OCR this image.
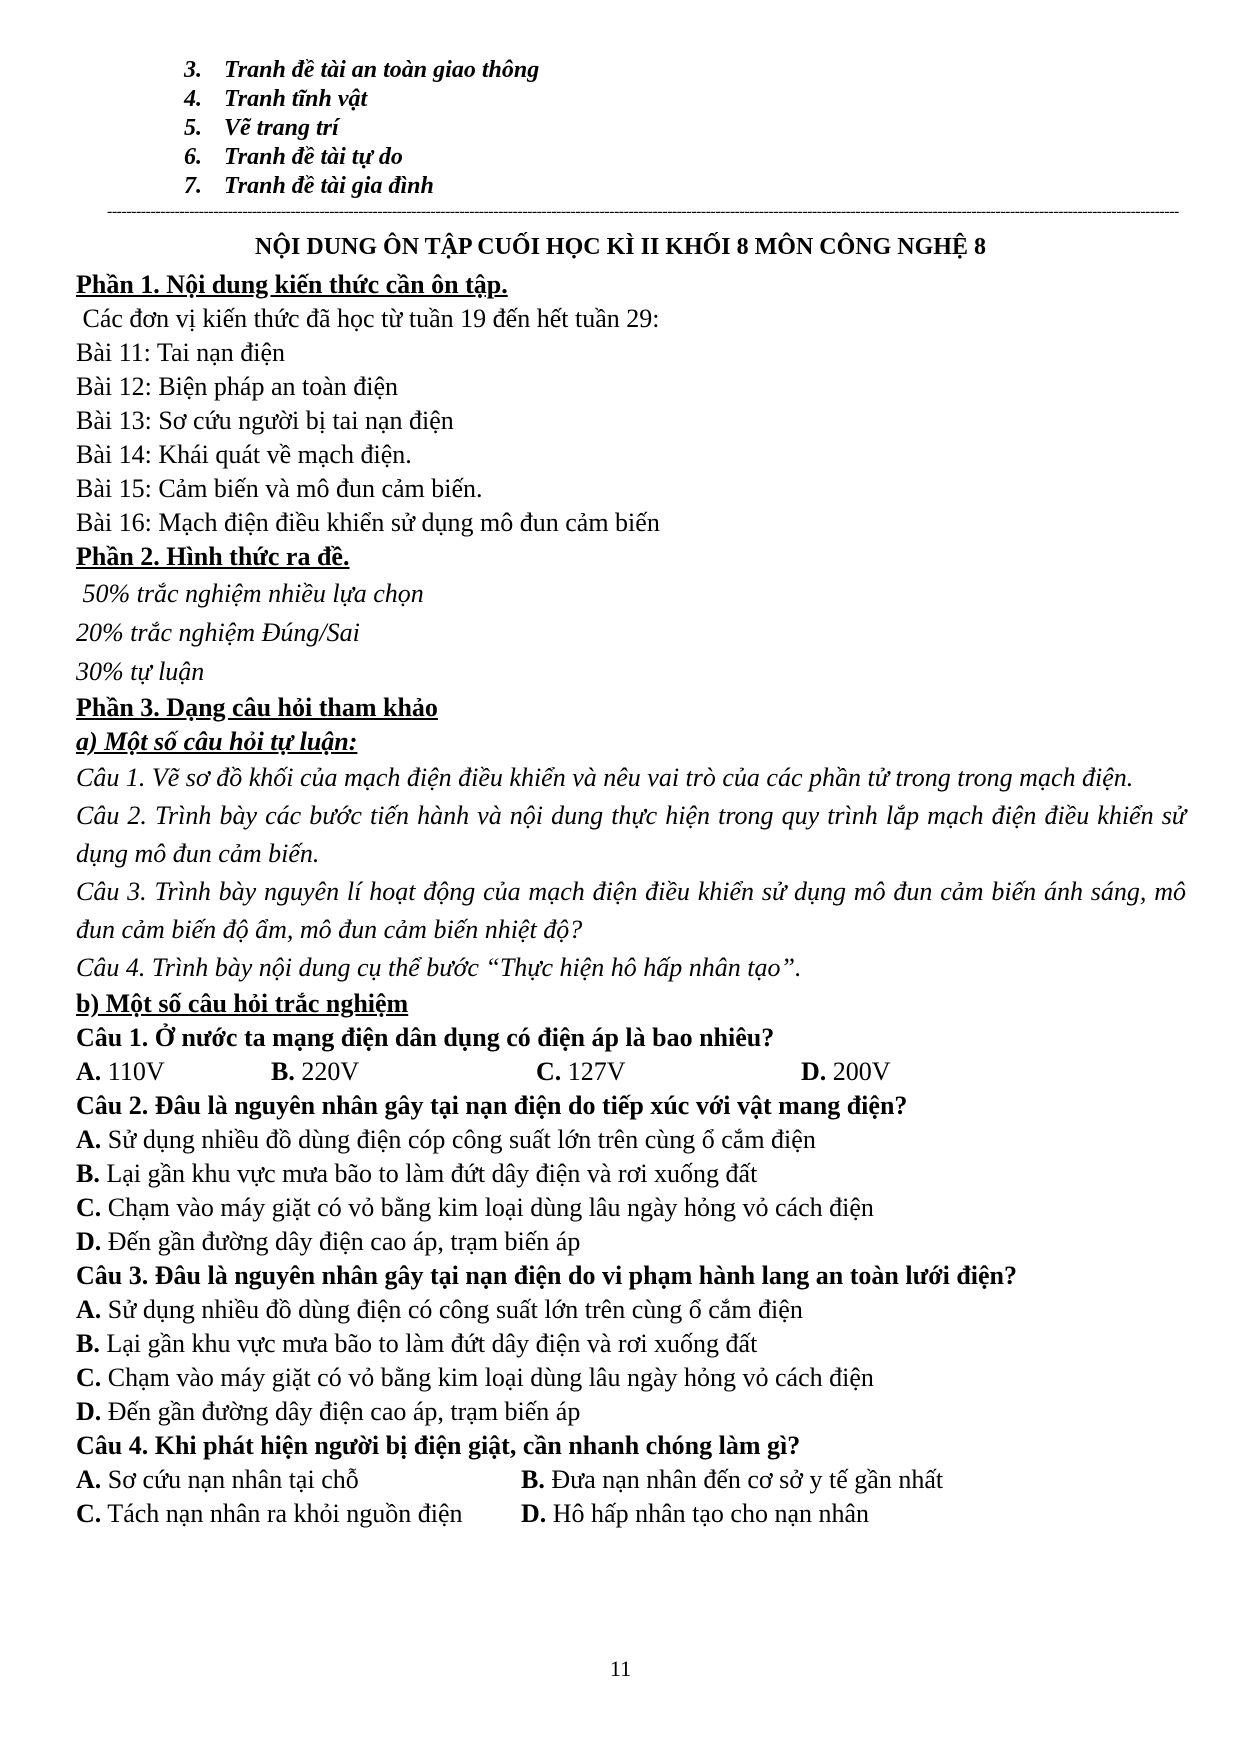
3. Tranh đề tài an toàn giao thông
4. Tranh tĩnh vật
5. Vẽ trang trí
6. Tranh đề tài tự do
7. Tranh đề tài gia đình
------------------------------------------------------------------------------------------------------------------------------------------------------------------------------------------------------------------------------
NỘI DUNG ÔN TẬP CUỐI HỌC KÌ II KHỐI 8 MÔN CÔNG NGHỆ 8
Phần 1. Nội dung kiến thức cần ôn tập.
Các đơn vị kiến thức đã học từ tuần 19 đến hết tuần 29:
Bài 11: Tai nạn điện
Bài 12: Biện pháp an toàn điện
Bài 13: Sơ cứu người bị tai nạn điện
Bài 14: Khái quát về mạch điện.
Bài 15: Cảm biến và mô đun cảm biến.
Bài 16: Mạch điện điều khiển sử dụng mô đun cảm biến
Phần 2. Hình thức ra đề.
50% trắc nghiệm nhiều lựa chọn
20% trắc nghiệm Đúng/Sai
30% tự luận
Phần 3. Dạng câu hỏi tham khảo
a) Một số câu hỏi tự luận:
Câu 1. Vẽ sơ đồ khối của mạch điện điều khiển và nêu vai trò của các phần tử trong trong mạch điện.
Câu 2. Trình bày các bước tiến hành và nội dung thực hiện trong quy trình lắp mạch điện điều khiển sử dụng mô đun cảm biến.
Câu 3. Trình bày nguyên lí hoạt động của mạch điện điều khiển sử dụng mô đun cảm biến ánh sáng, mô đun cảm biến độ ẩm, mô đun cảm biến nhiệt độ?
Câu 4. Trình bày nội dung cụ thể bước “Thực hiện hô hấp nhân tạo”.
b) Một số câu hỏi trắc nghiệm
Câu 1. Ở nước ta mạng điện dân dụng có điện áp là bao nhiêu?
A. 110V	B. 220V	C. 127V	D. 200V
Câu 2. Đâu là nguyên nhân gây tại nạn điện do tiếp xúc với vật mang điện?
A. Sử dụng nhiều đồ dùng điện cóp công suất lớn trên cùng ổ cắm điện
B. Lại gần khu vực mưa bão to làm đứt dây điện và rơi xuống đất
C. Chạm vào máy giặt có vỏ bằng kim loại dùng lâu ngày hỏng vỏ cách điện
D. Đến gần đường dây điện cao áp, trạm biến áp
Câu 3. Đâu là nguyên nhân gây tại nạn điện do vi phạm hành lang an toàn lưới điện?
A. Sử dụng nhiều đồ dùng điện có công suất lớn trên cùng ổ cắm điện
B. Lại gần khu vực mưa bão to làm đứt dây điện và rơi xuống đất
C. Chạm vào máy giặt có vỏ bằng kim loại dùng lâu ngày hỏng vỏ cách điện
D. Đến gần đường dây điện cao áp, trạm biến áp
Câu 4. Khi phát hiện người bị điện giật, cần nhanh chóng làm gì?
A. Sơ cứu nạn nhân tại chỗ	B. Đưa nạn nhân đến cơ sở y tế gần nhất
C. Tách nạn nhân ra khỏi nguồn điện	D. Hô hấp nhân tạo cho nạn nhân
11
